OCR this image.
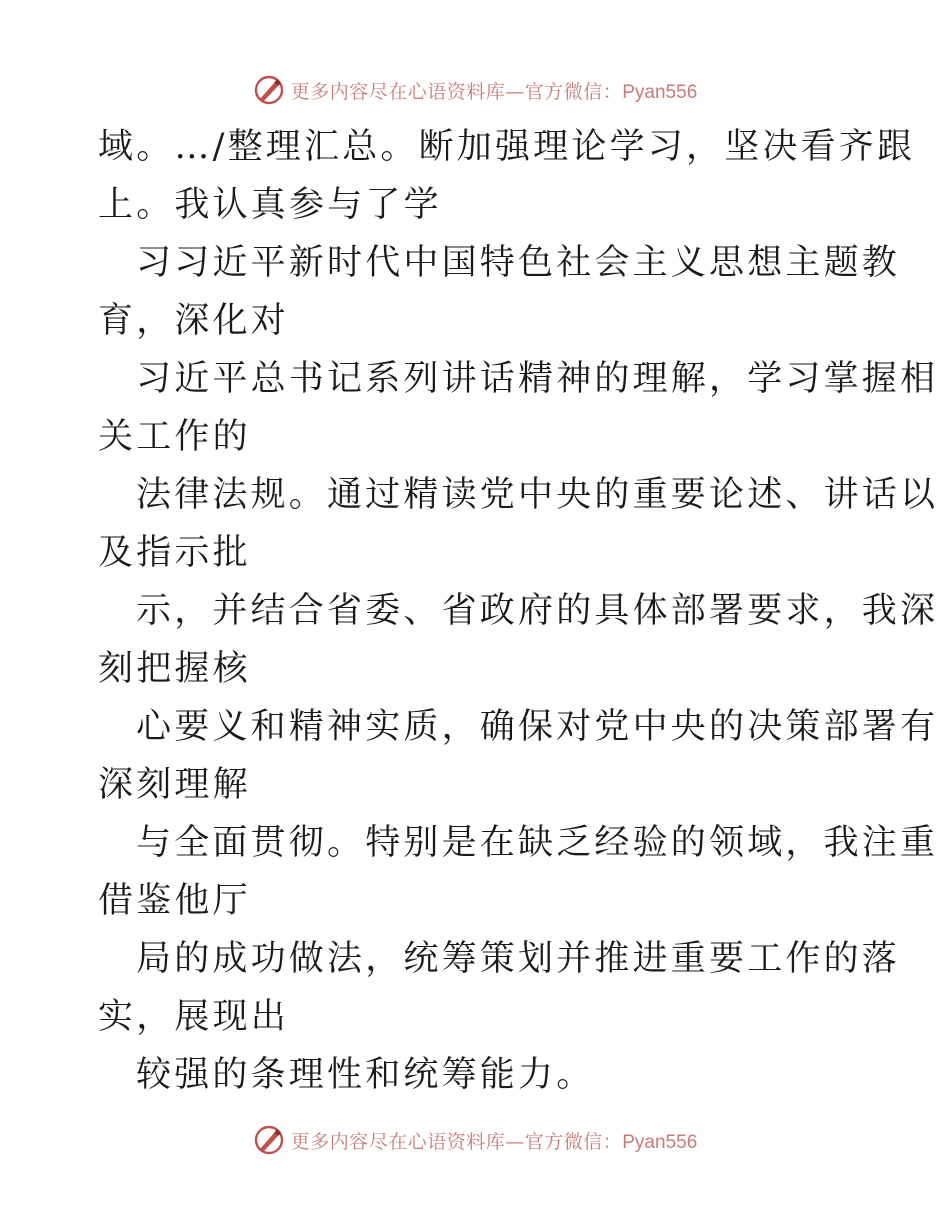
更多内容尽在心语资料库—官方微信：Pyan556
域。…/整理汇总。断加强理论学习，坚决看齐跟
上。我认真参与了学
习习近平新时代中国特色社会主义思想主题教
育，深化对
习近平总书记系列讲话精神的理解，学习掌握相
关工作的
法律法规。通过精读党中央的重要论述、讲话以
及指示批
示，并结合省委、省政府的具体部署要求，我深
刻把握核
心要义和精神实质，确保对党中央的决策部署有
深刻理解
与全面贯彻。特别是在缺乏经验的领域，我注重
借鉴他厅
局的成功做法，统筹策划并推进重要工作的落
实，展现出
较强的条理性和统筹能力。
更多内容尽在心语资料库—官方微信：Pyan556
